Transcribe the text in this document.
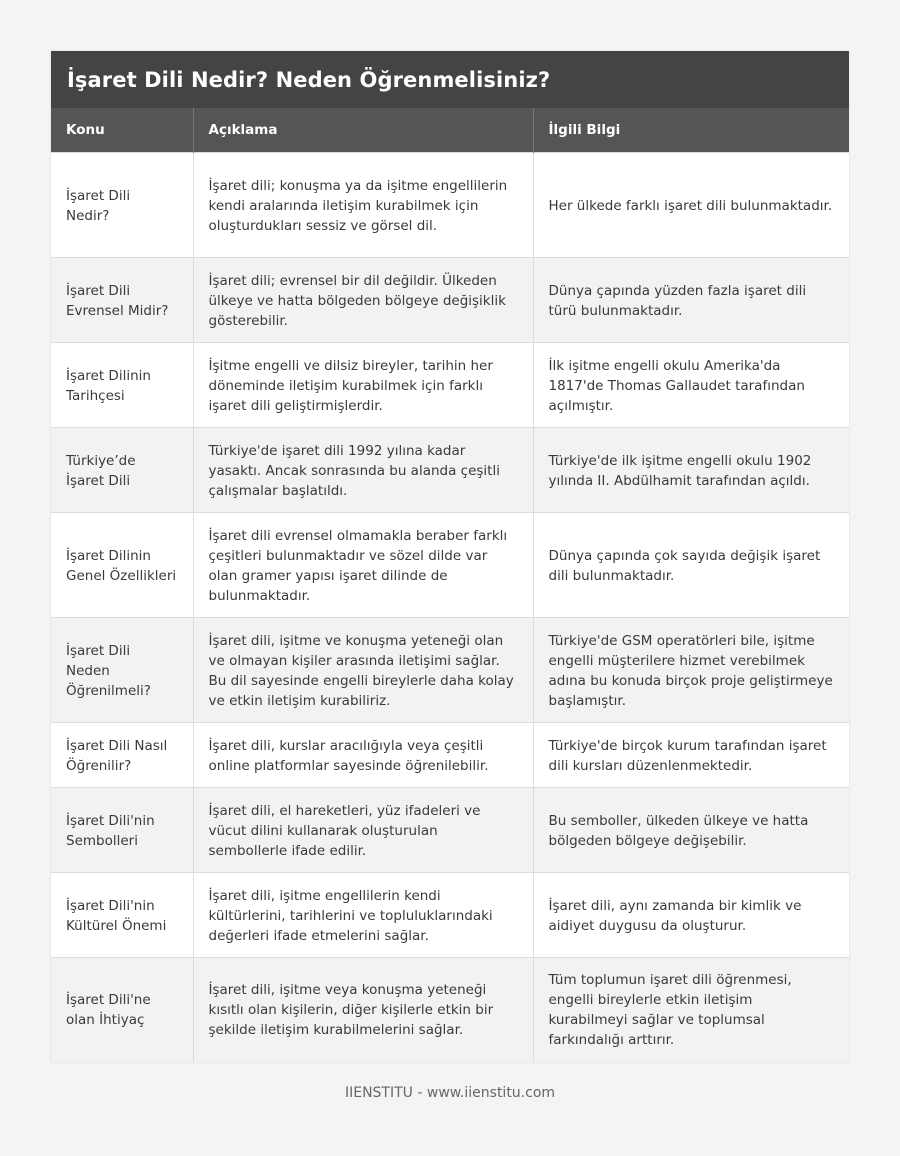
İşaret Dili Nedir? Neden Öğrenmelisiniz?
Konu	Açıklama	İlgili Bilgi
İşaret Dili Nedir?	İşaret dili; konuşma ya da işitme engellilerin kendi aralarında iletişim kurabilmek için oluşturdukları sessiz ve görsel dil.	Her ülkede farklı işaret dili bulunmaktadır.
İşaret Dili Evrensel Midir?	İşaret dili; evrensel bir dil değildir. Ülkeden ülkeye ve hatta bölgeden bölgeye değişiklik gösterebilir.	Dünya çapında yüzden fazla işaret dili türü bulunmaktadır.
İşaret Dilinin Tarihçesi	İşitme engelli ve dilsiz bireyler, tarihin her döneminde iletişim kurabilmek için farklı işaret dili geliştirmişlerdir.	İlk işitme engelli okulu Amerika'da 1817'de Thomas Gallaudet tarafından açılmıştır.
Türkiye’de İşaret Dili	Türkiye'de işaret dili 1992 yılına kadar yasaktı. Ancak sonrasında bu alanda çeşitli çalışmalar başlatıldı.	Türkiye'de ilk işitme engelli okulu 1902 yılında II. Abdülhamit tarafından açıldı.
İşaret Dilinin Genel Özellikleri	İşaret dili evrensel olmamakla beraber farklı çeşitleri bulunmaktadır ve sözel dilde var olan gramer yapısı işaret dilinde de bulunmaktadır.	Dünya çapında çok sayıda değişik işaret dili bulunmaktadır.
İşaret Dili Neden Öğrenilmeli?	İşaret dili, işitme ve konuşma yeteneği olan ve olmayan kişiler arasında iletişimi sağlar. Bu dil sayesinde engelli bireylerle daha kolay ve etkin iletişim kurabiliriz.	Türkiye'de GSM operatörleri bile, işitme engelli müşterilere hizmet verebilmek adına bu konuda birçok proje geliştirmeye başlamıştır.
İşaret Dili Nasıl Öğrenilir?	İşaret dili, kurslar aracılığıyla veya çeşitli online platformlar sayesinde öğrenilebilir.	Türkiye'de birçok kurum tarafından işaret dili kursları düzenlenmektedir.
İşaret Dili'nin Sembolleri	İşaret dili, el hareketleri, yüz ifadeleri ve vücut dilini kullanarak oluşturulan sembollerle ifade edilir.	Bu semboller, ülkeden ülkeye ve hatta bölgeden bölgeye değişebilir.
İşaret Dili'nin Kültürel Önemi	İşaret dili, işitme engellilerin kendi kültürlerini, tarihlerini ve topluluklarındaki değerleri ifade etmelerini sağlar.	İşaret dili, aynı zamanda bir kimlik ve aidiyet duygusu da oluşturur.
İşaret Dili'ne olan İhtiyaç	İşaret dili, işitme veya konuşma yeteneği kısıtlı olan kişilerin, diğer kişilerle etkin bir şekilde iletişim kurabilmelerini sağlar.	Tüm toplumun işaret dili öğrenmesi, engelli bireylerle etkin iletişim kurabilmeyi sağlar ve toplumsal farkındalığı arttırır.
IIENSTITU - www.iienstitu.com
